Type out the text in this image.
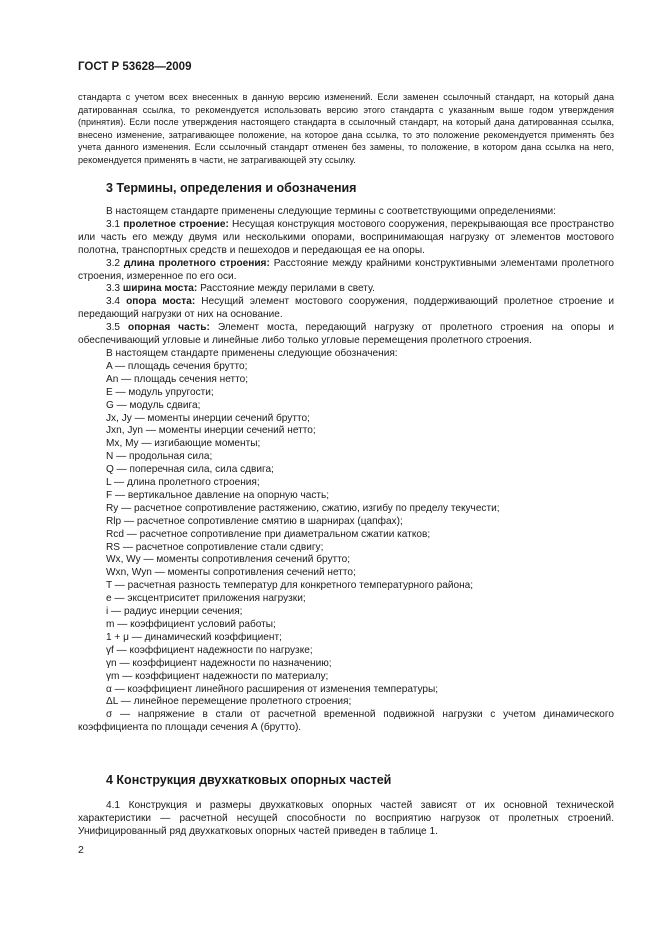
ГОСТ Р 53628—2009
стандарта с учетом всех внесенных в данную версию изменений. Если заменен ссылочный стандарт, на который дана датированная ссылка, то рекомендуется использовать версию этого стандарта с указанным выше годом утверждения (принятия). Если после утверждения настоящего стандарта в ссылочный стандарт, на который дана датированная ссылка, внесено изменение, затрагивающее положение, на которое дана ссылка, то это положение рекомендуется применять без учета данного изменения. Если ссылочный стандарт отменен без замены, то положение, в котором дана ссылка на него, рекомендуется применять в части, не затрагивающей эту ссылку.
3 Термины, определения и обозначения

В настоящем стандарте применены следующие термины с соответствующими определениями:

3.1 пролетное строение: Несущая конструкция мостового сооружения, перекрывающая все пространство или часть его между двумя или несколькими опорами, воспринимающая нагрузку от элементов мостового полотна, транспортных средств и пешеходов и передающая ее на опоры.

3.2 длина пролетного строения: Расстояние между крайними конструктивными элементами пролетного строения, измеренное по его оси.

3.3 ширина моста: Расстояние между перилами в свету.

3.4 опора моста: Несущий элемент мостового сооружения, поддерживающий пролетное строение и передающий нагрузки от них на основание.

3.5 опорная часть: Элемент моста, передающий нагрузку от пролетного строения на опоры и обеспечивающий угловые и линейные либо только угловые перемещения пролетного строения.

В настоящем стандарте применены следующие обозначения:

A — площадь сечения брутто;

An — площадь сечения нетто;

E — модуль упругости;

G — модуль сдвига;

Jx, Jy — моменты инерции сечений брутто;

Jxn, Jyn — моменты инерции сечений нетто;

Mx, My — изгибающие моменты;

N — продольная сила;

Q — поперечная сила, сила сдвига;

L — длина пролетного строения;

F — вертикальное давление на опорную часть;

Ry — расчетное сопротивление растяжению, сжатию, изгибу по пределу текучести;

Rlp — расчетное сопротивление смятию в шарнирах (цапфах);

Rcd — расчетное сопротивление при диаметральном сжатии катков;

RS — расчетное сопротивление стали сдвигу;

Wx, Wy — моменты сопротивления сечений брутто;

Wxn, Wyn — моменты сопротивления сечений нетто;

T — расчетная разность температур для конкретного температурного района;

e — эксцентриситет приложения нагрузки;

i — радиус инерции сечения;

m — коэффициент условий работы;

1 + μ — динамический коэффициент;

γf — коэффициент надежности по нагрузке;

γn — коэффициент надежности по назначению;

γm — коэффициент надежности по материалу;

α — коэффициент линейного расширения от изменения температуры;

ΔL — линейное перемещение пролетного строения;

σ — напряжение в стали от расчетной временной подвижной нагрузки с учетом динамического коэффициента по площади сечения А (брутто).

4 Конструкция двухкатковых опорных частей

4.1 Конструкция и размеры двухкатковых опорных частей зависят от их основной технической характеристики — расчетной несущей способности по восприятию нагрузок от пролетных строений. Унифицированный ряд двухкатковых опорных частей приведен в таблице 1.

2
